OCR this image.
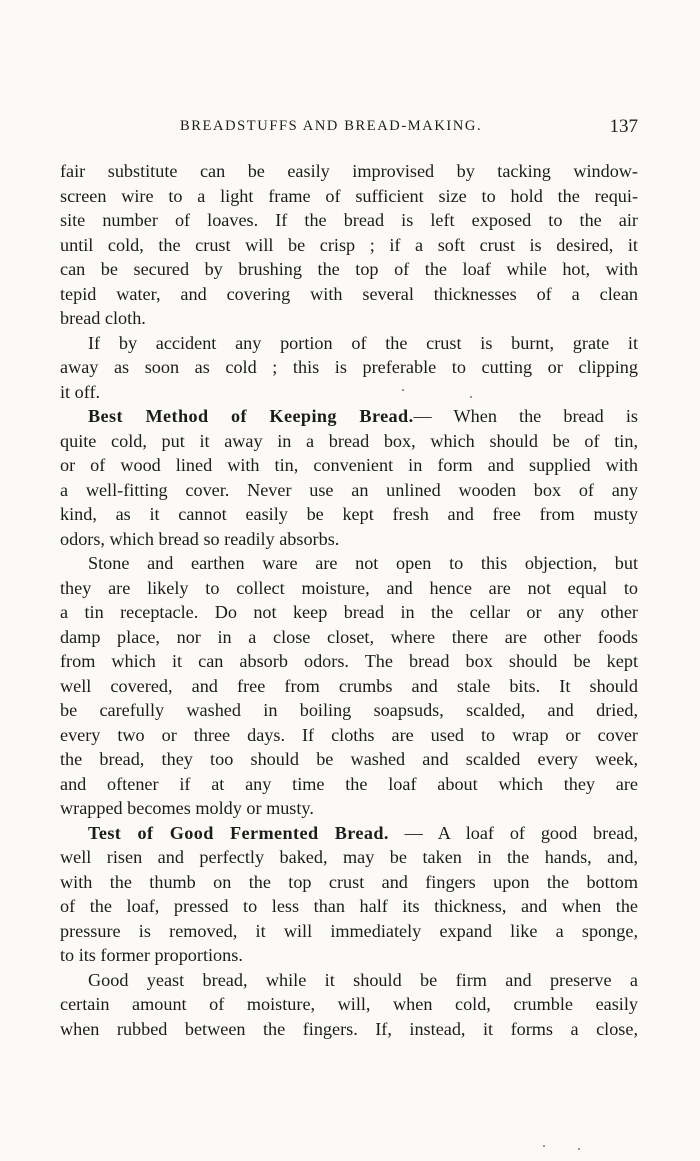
BREADSTUFFS AND BREAD-MAKING.	137

fair substitute can be easily improvised by tacking window-
screen wire to a light frame of sufficient size to hold the requi-
site number of loaves. If the bread is left exposed to the air
until cold, the crust will be crisp ; if a soft crust is desired, it
can be secured by brushing the top of the loaf while hot, with
tepid water, and covering with several thicknesses of a clean
bread cloth.

If by accident any portion of the crust is burnt, grate it
away as soon as cold ; this is preferable to cutting or clipping
it off.

Best Method of Keeping Bread.— When the bread is
quite cold, put it away in a bread box, which should be of tin,
or of wood lined with tin, convenient in form and supplied with
a well-fitting cover. Never use an unlined wooden box of any
kind, as it cannot easily be kept fresh and free from musty
odors, which bread so readily absorbs.

Stone and earthen ware are not open to this objection, but
they are likely to collect moisture, and hence are not equal to
a tin receptacle. Do not keep bread in the cellar or any other
damp place, nor in a close closet, where there are other foods
from which it can absorb odors. The bread box should be kept
well covered, and free from crumbs and stale bits. It should
be carefully washed in boiling soapsuds, scalded, and dried,
every two or three days. If cloths are used to wrap or cover
the bread, they too should be washed and scalded every week,
and oftener if at any time the loaf about which they are
wrapped becomes moldy or musty.

Test of Good Fermented Bread. — A loaf of good bread,
well risen and perfectly baked, may be taken in the hands, and,
with the thumb on the top crust and fingers upon the bottom
of the loaf, pressed to less than half its thickness, and when the
pressure is removed, it will immediately expand like a sponge,
to its former proportions.

Good yeast bread, while it should be firm and preserve a
certain amount of moisture, will, when cold, crumble easily
when rubbed between the fingers. If, instead, it forms a close,
